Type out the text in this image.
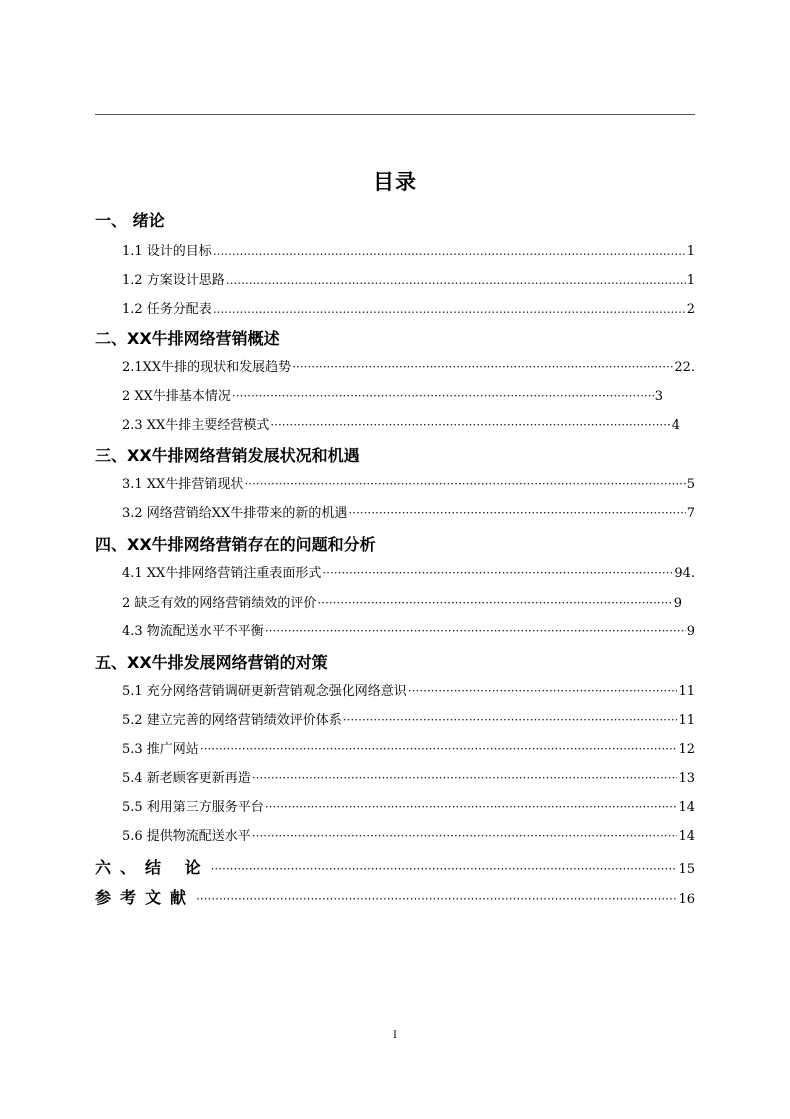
目录
一、 绪论
1.1 设计的目标 .....	1
1.2 方案设计思路 .....	1
1.2 任务分配表 .....	2
二、XX牛排网络营销概述
2.1XX牛排的现状和发展趋势 ·····	22.
2 XX牛排基本情况 ·····	3
2.3 XX牛排主要经营模式 ·····	4
三、XX牛排网络营销发展状况和机遇
3.1 XX牛排营销现状 ·····	5
3.2 网络营销给XX牛排带来的新的机遇 ·····	7
四、XX牛排网络营销存在的问题和分析
4.1 XX牛排网络营销注重表面形式 ·····	94.
2 缺乏有效的网络营销绩效的评价 ·····	9
4.3 物流配送水平不平衡 ·····	9
五、XX牛排发展网络营销的对策
5.1 充分网络营销调研更新营销观念强化网络意识 ·····	11
5.2 建立完善的网络营销绩效评价体系 ·····	11
5.3 推广网站 ·····	12
5.4 新老顾客更新再造 ·····	13
5.5 利用第三方服务平台 ·····	14
5.6 提供物流配送水平 ·····	14
六、结 论 ·····	15
参考文献 ·····	16
I
